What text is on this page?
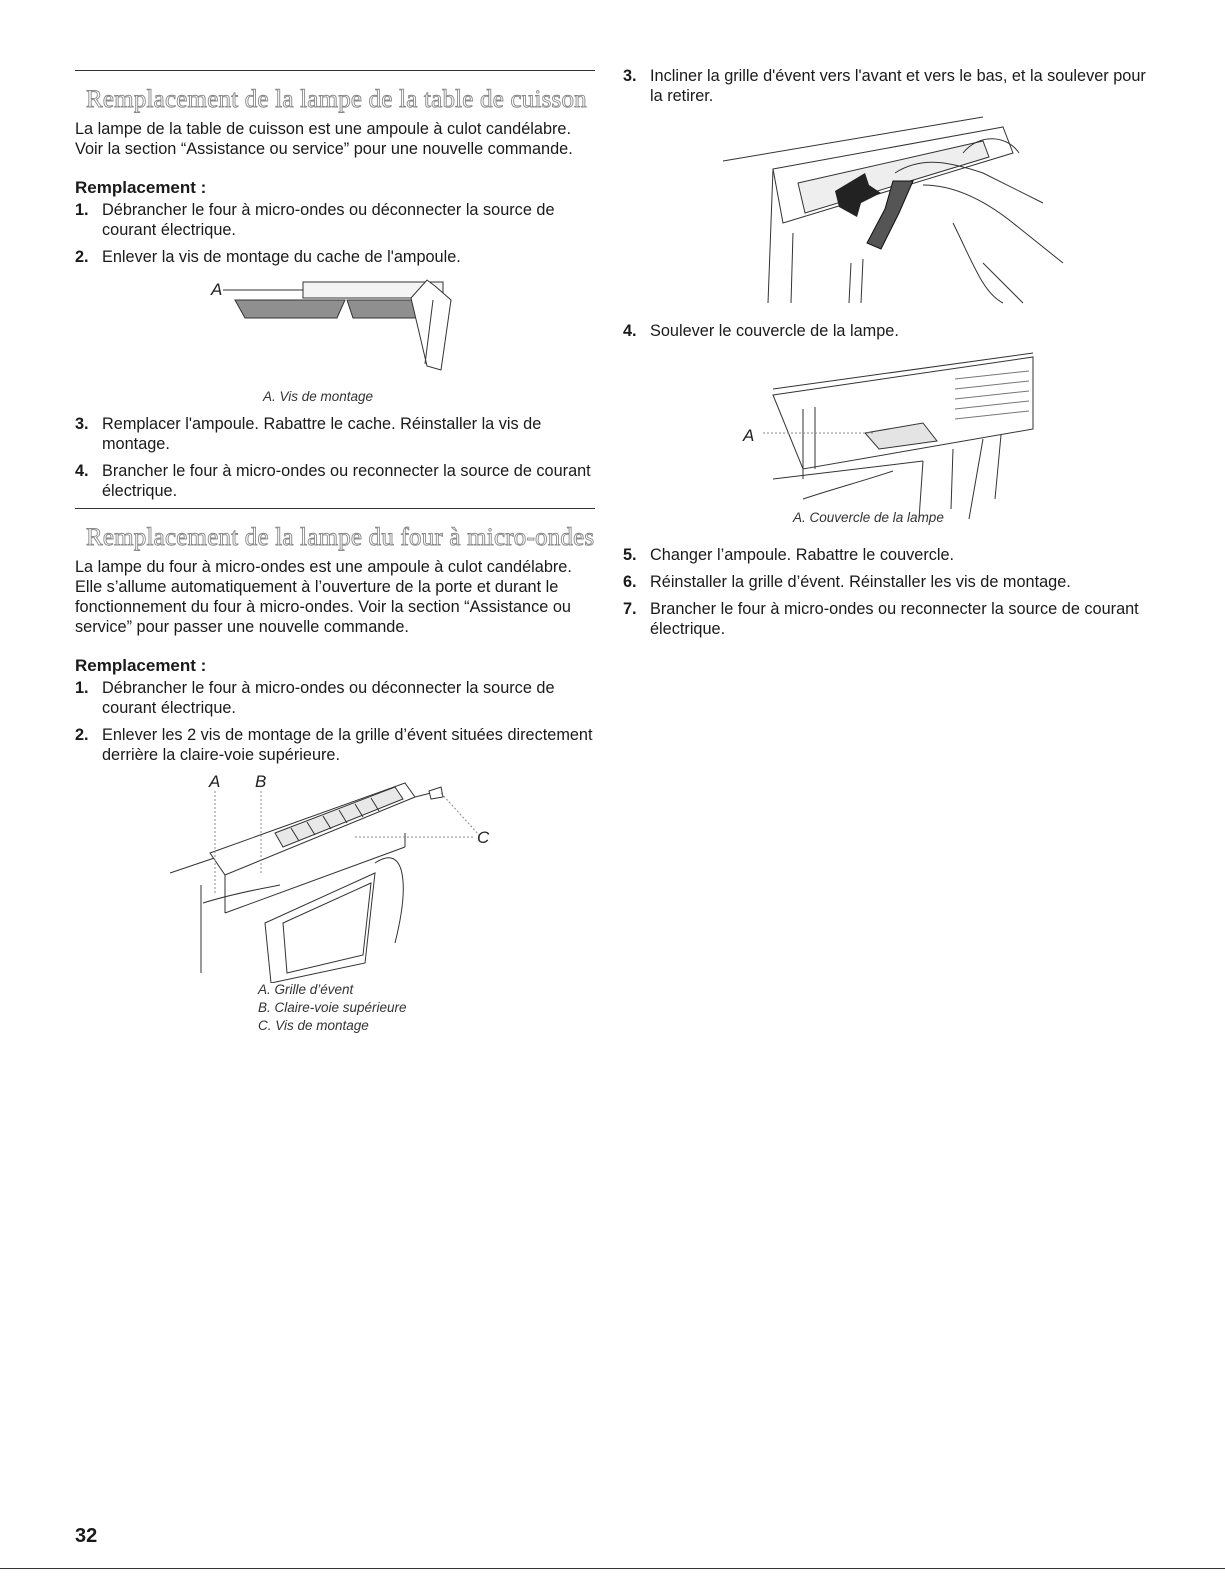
Remplacement de la lampe de la table de cuisson

La lampe de la table de cuisson est une ampoule à culot candélabre. Voir la section “Assistance ou service” pour une nouvelle commande.

Remplacement :
1. Débrancher le four à micro-ondes ou déconnecter la source de courant électrique.
2. Enlever la vis de montage du cache de l'ampoule.
A
A. Vis de montage
3. Remplacer l'ampoule. Rabattre le cache. Réinstaller la vis de montage.
4. Brancher le four à micro-ondes ou reconnecter la source de courant électrique.
Remplacement de la lampe du four à micro-ondes

La lampe du four à micro-ondes est une ampoule à culot candélabre. Elle s’allume automatiquement à l’ouverture de la porte et durant le fonctionnement du four à micro-ondes. Voir la section “Assistance ou service” pour passer une nouvelle commande.

Remplacement :
1. Débrancher le four à micro-ondes ou déconnecter la source de courant électrique.
2. Enlever les 2 vis de montage de la grille d’évent situées directement derrière la claire-voie supérieure.
A B
C
A. Grille d’évent
B. Claire-voie supérieure
C. Vis de montage
3. Incliner la grille d'évent vers l'avant et vers le bas, et la soulever pour la retirer.
4. Soulever le couvercle de la lampe.
A
A. Couvercle de la lampe
5. Changer l’ampoule. Rabattre le couvercle.
6. Réinstaller la grille d’évent. Réinstaller les vis de montage.
7. Brancher le four à micro-ondes ou reconnecter la source de courant électrique.
32
